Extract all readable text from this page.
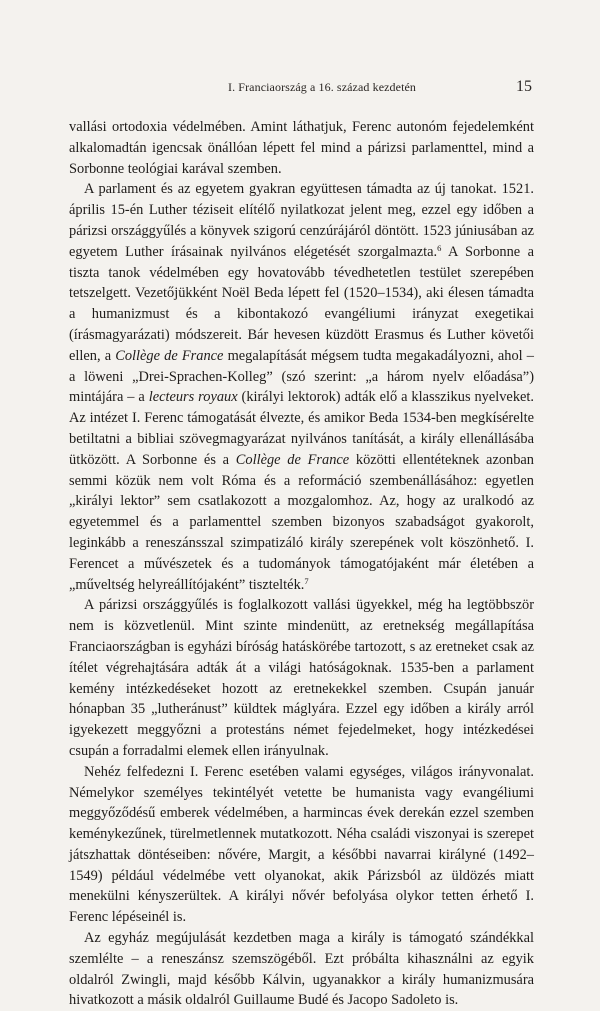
I. Franciaország a 16. század kezdetén	15

vallási ortodoxia védelmében. Amint láthatjuk, Ferenc autonóm fejedelemként alkalomadtán igencsak önállóan lépett fel mind a párizsi parlamenttel, mind a Sorbonne teológiai karával szemben.

A parlament és az egyetem gyakran együttesen támadta az új tanokat. 1521. április 15-én Luther téziseit elítélő nyilatkozat jelent meg, ezzel egy időben a párizsi országgyűlés a könyvek szigorú cenzúrájáról döntött. 1523 júniusában az egyetem Luther írásainak nyilvános elégetését szorgalmazta.$^6$ A Sorbonne a tiszta tanok védelmében egy hovatovább tévedhetetlen testület szerepében tetszelgett. Vezetőjükként Noël Beda lépett fel (1520–1534), aki élesen támadta a humanizmust és a kibontakozó evangéliumi irányzat exegetikai (írásmagyarázati) módszereit. Bár hevesen küzdött Erasmus és Luther követői ellen, a Collège de France megalapítását mégsem tudta megakadályozni, ahol – a löweni „Drei-Sprachen-Kolleg” (szó szerint: „a három nyelv előadása”) mintájára – a lecteurs royaux (királyi lektorok) adták elő a klasszikus nyelveket. Az intézet I. Ferenc támogatását élvezte, és amikor Beda 1534-ben megkísérelte betiltatni a bibliai szövegmagyarázat nyilvános tanítását, a király ellenállásába ütközött. A Sorbonne és a Collège de France közötti ellentéteknek azonban semmi közük nem volt Róma és a reformáció szembenállásához: egyetlen „királyi lektor” sem csatlakozott a mozgalomhoz. Az, hogy az uralkodó az egyetemmel és a parlamenttel szemben bizonyos szabadságot gyakorolt, leginkább a reneszánsszal szimpatizáló király szerepének volt köszönhető. I. Ferencet a művészetek és a tudományok támogatójaként már életében a „műveltség helyreállítójaként” tisztelték.$^7$

A párizsi országgyűlés is foglalkozott vallási ügyekkel, még ha legtöbbször nem is közvetlenül. Mint szinte mindenütt, az eretnekség megállapítása Franciaországban is egyházi bíróság hatáskörébe tartozott, s az eretneket csak az ítélet végrehajtására adták át a világi hatóságoknak. 1535-ben a parlament kemény intézkedéseket hozott az eretnekekkel szemben. Csupán január hónapban 35 „lutheránust” küldtek máglyára. Ezzel egy időben a király arról igyekezett meggyőzni a protestáns német fejedelmeket, hogy intézkedései csupán a forradalmi elemek ellen irányulnak.

Nehéz felfedezni I. Ferenc esetében valami egységes, világos irányvonalat. Némelykor személyes tekintélyét vetette be humanista vagy evangéliumi meggyőződésű emberek védelmében, a harmincas évek derekán ezzel szemben keménykezűnek, türelmetlennek mutatkozott. Néha családi viszonyai is szerepet játszhattak döntéseiben: nővére, Margit, a későbbi navarrai királyné (1492–1549) például védelmébe vett olyanokat, akik Párizsból az üldözés miatt menekülni kényszerültek. A királyi nővér befolyása olykor tetten érhető I. Ferenc lépéseinél is.

Az egyház megújulását kezdetben maga a király is támogató szándékkal szemlélte – a reneszánsz szemszögéből. Ezt próbálta kihasználni az egyik oldalról Zwingli, majd később Kálvin, ugyanakkor a király humanizmusára hivatkozott a másik oldalról Guillaume Budé és Jacopo Sadoleto is.
